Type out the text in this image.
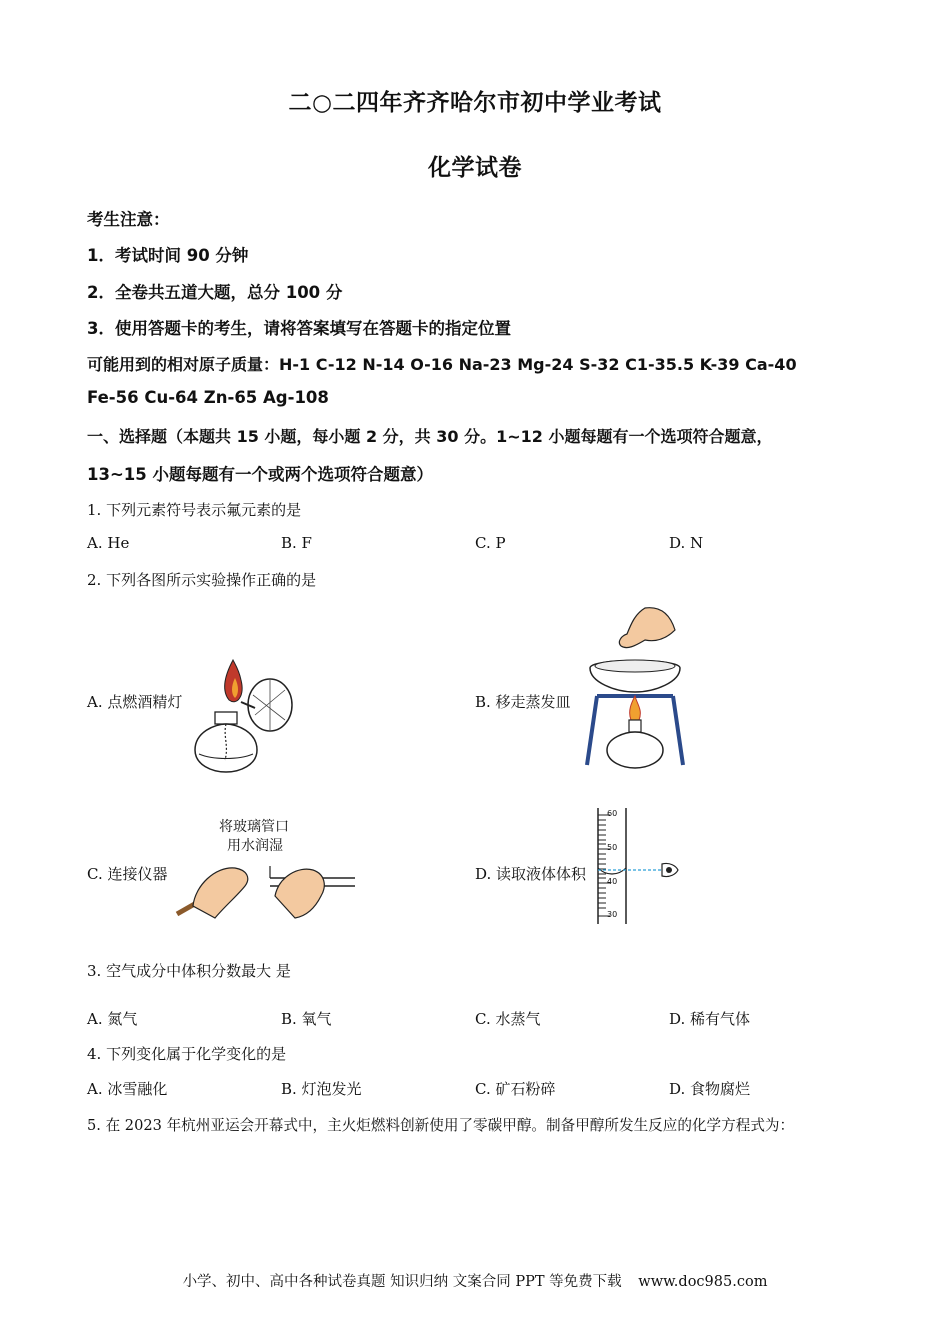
二○二四年齐齐哈尔市初中学业考试
化学试卷
考生注意：
1．考试时间 90 分钟
2．全卷共五道大题，总分 100 分
3．使用答题卡的考生，请将答案填写在答题卡的指定位置
可能用到的相对原子质量：H-1 C-12 N-14 O-16 Na-23 Mg-24 S-32 C1-35.5 K-39 Ca-40
Fe-56 Cu-64 Zn-65 Ag-108
一、选择题（本题共 15 小题，每小题 2 分，共 30 分。1~12 小题每题有一个选项符合题意，
13~15 小题每题有一个或两个选项符合题意）
1. 下列元素符号表示氟元素的是
A. He	B. F	C. P	D. N
2. 下列各图所示实验操作正确的是
A. 点燃酒精灯	B. 移走蒸发皿
C. 连接仪器	D. 读取液体体积
将玻璃管口
用水润湿
60
50
40
30
3. 空气成分中体积分数最大 是
A. 氮气	B. 氧气	C. 水蒸气	D. 稀有气体
4. 下列变化属于化学变化的是
A. 冰雪融化	B. 灯泡发光	C. 矿石粉碎	D. 食物腐烂
5. 在 2023 年杭州亚运会开幕式中，主火炬燃料创新使用了零碳甲醇。制备甲醇所发生反应的化学方程式为：
小学、初中、高中各种试卷真题 知识归纳 文案合同 PPT 等免费下载 www.doc985.com
